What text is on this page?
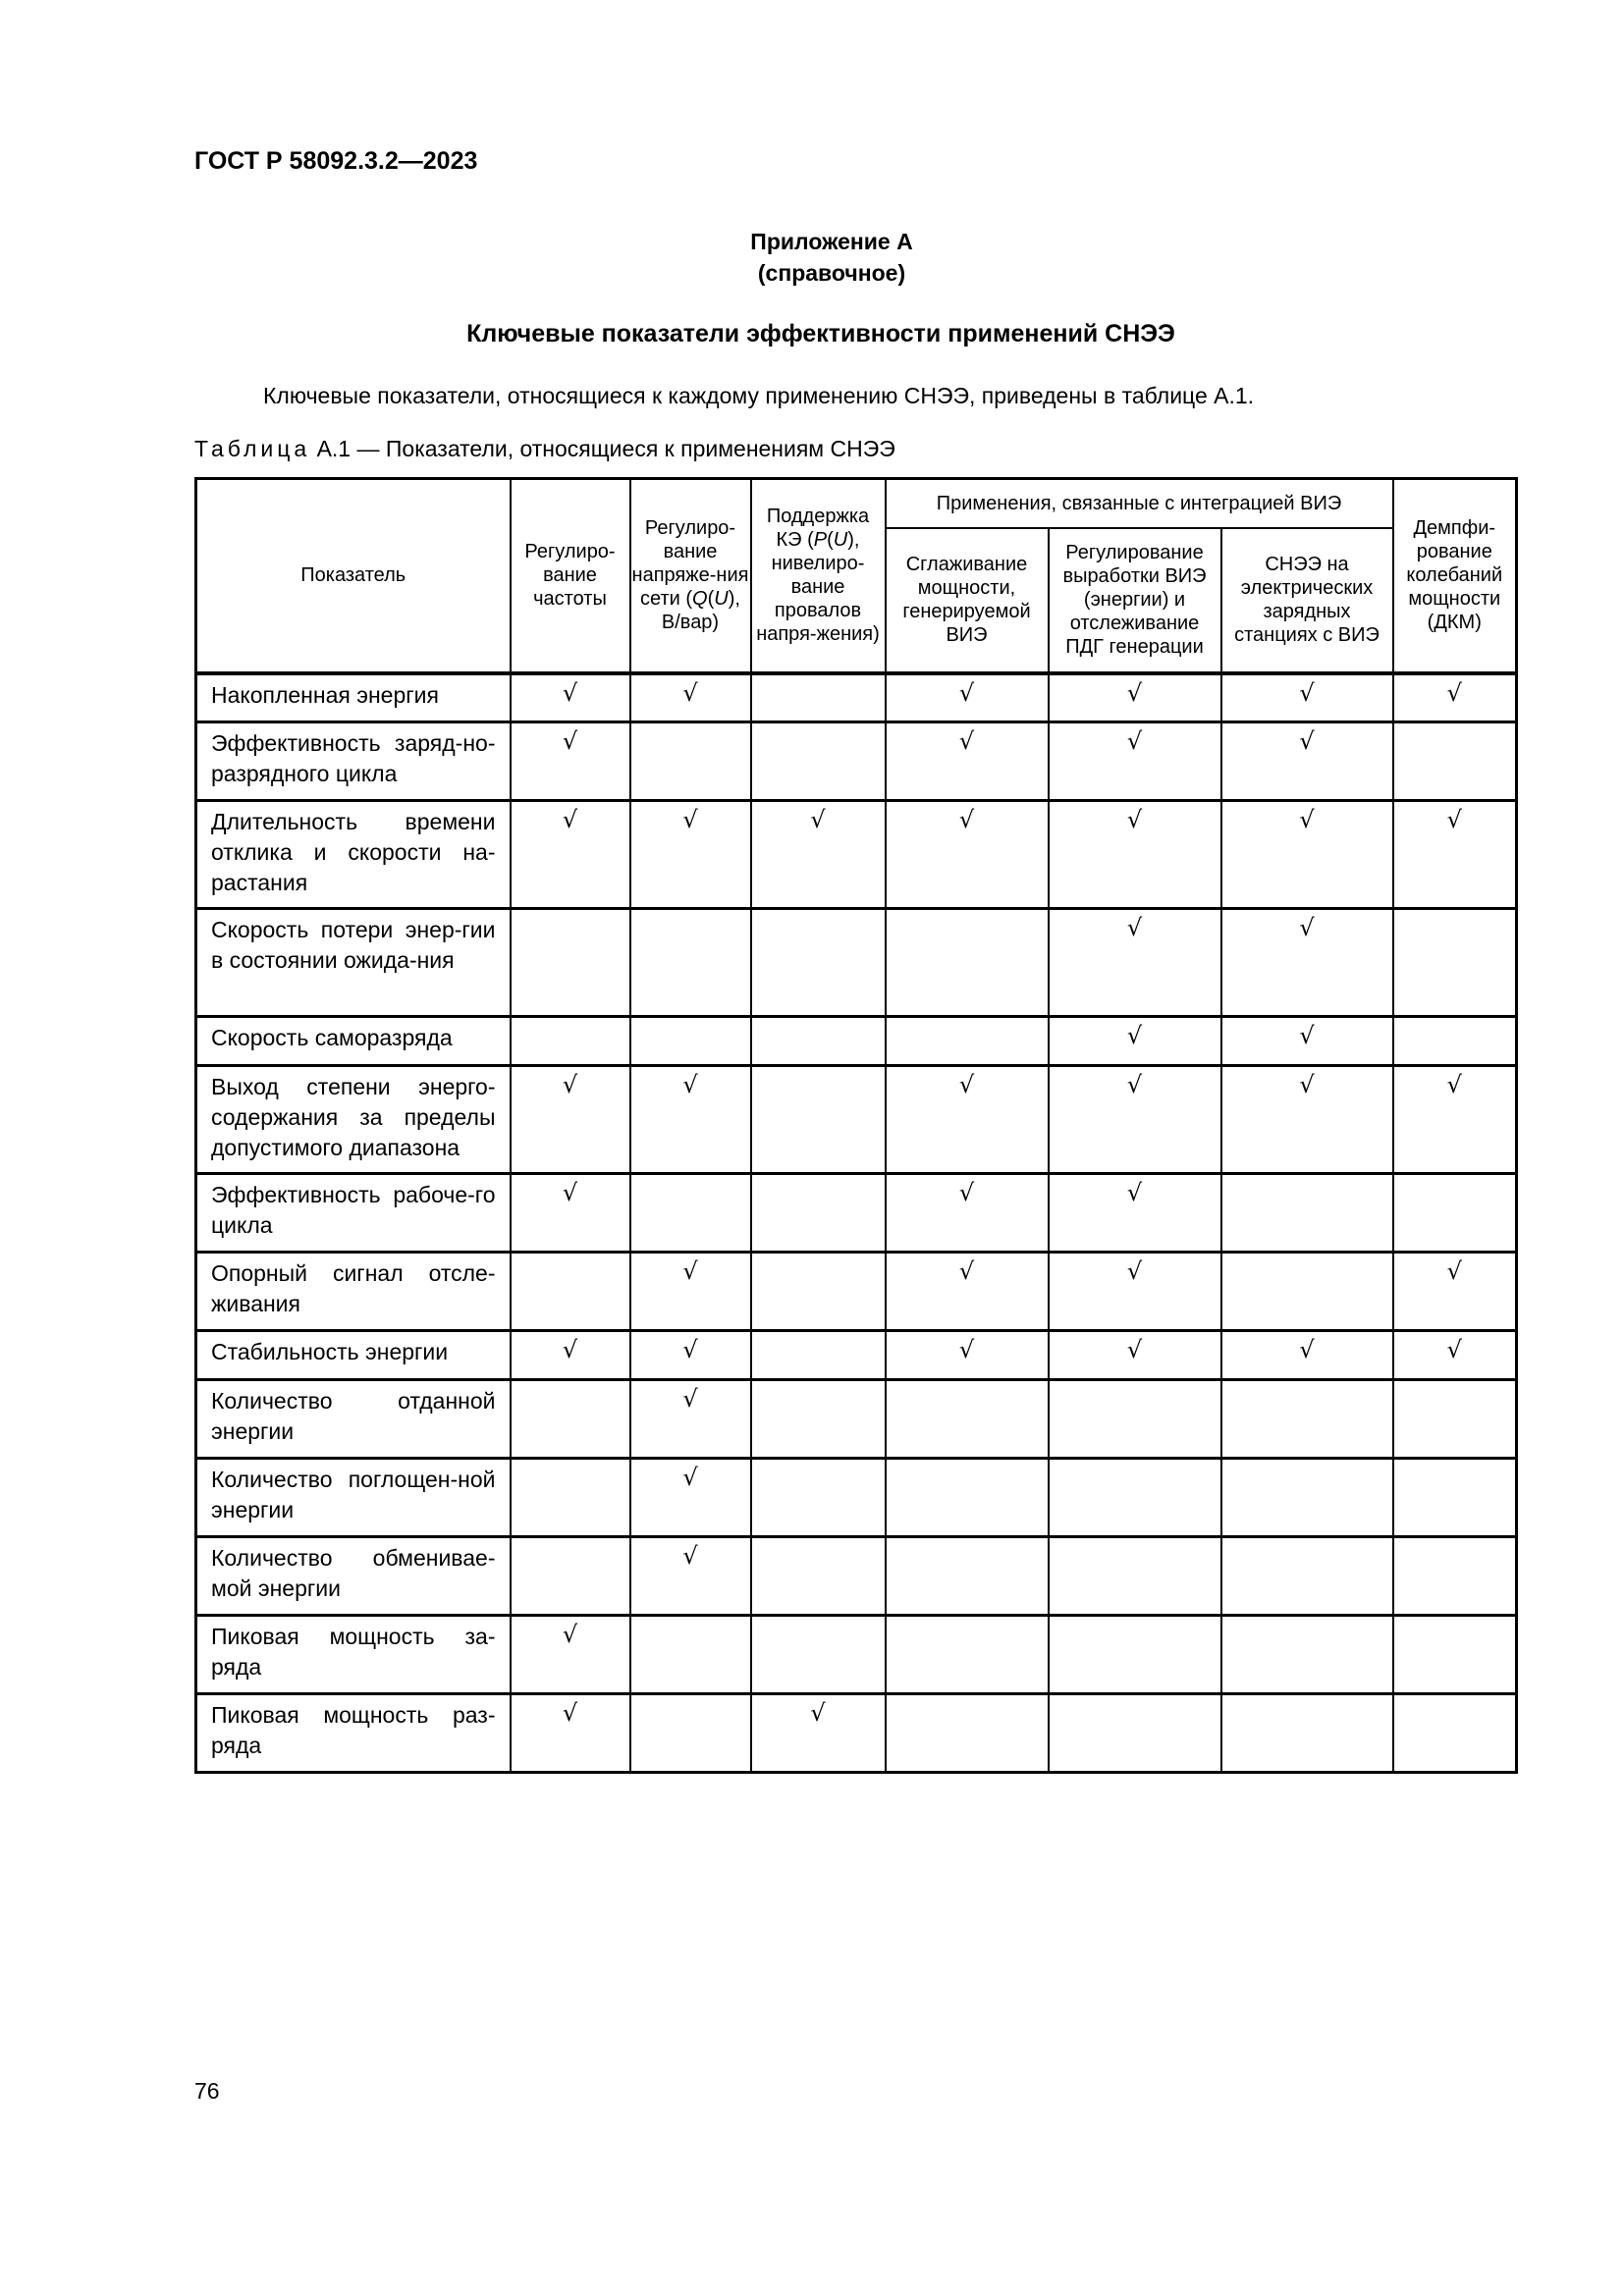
ГОСТ Р 58092.3.2—2023
Приложение А
(справочное)
Ключевые показатели эффективности применений СНЭЭ
Ключевые показатели, относящиеся к каждому применению СНЭЭ, приведены в таблице А.1.
Таблица А.1 — Показатели, относящиеся к применениям СНЭЭ
Показатель	Регулиро-вание частоты	Регулиро-вание напряже-ния сети (Q(U), В/вар)	Поддержка КЭ (P(U), нивелиро-вание провалов напря-жения)	Применения, связанные с интеграцией ВИЭ			Демпфи-рование колебаний мощности (ДКМ)
				Сглаживание мощности, генерируемой ВИЭ	Регулирование выработки ВИЭ (энергии) и отслеживание ПДГ генерации	СНЭЭ на электрических зарядных станциях с ВИЭ	
Накопленная энергия	√	√		√	√	√	√
Эффективность заряд-но-разрядного цикла	√			√	√	√	
Длительность времени отклика и скорости на-растания	√	√	√	√	√	√	√
Скорость потери энер-гии в состоянии ожида-ния					√	√	
Скорость саморазряда					√	√	
Выход степени энерго-содержания за пределы допустимого диапазона	√	√		√	√	√	√
Эффективность рабоче-го цикла	√			√	√		
Опорный сигнал отсле-живания		√		√	√		√
Стабильность энергии	√	√		√	√	√	√
Количество отданной энергии		√					
Количество поглощен-ной энергии		√					
Количество обменивае-мой энергии		√					
Пиковая мощность за-ряда	√						
Пиковая мощность раз-ряда	√		√				
76
